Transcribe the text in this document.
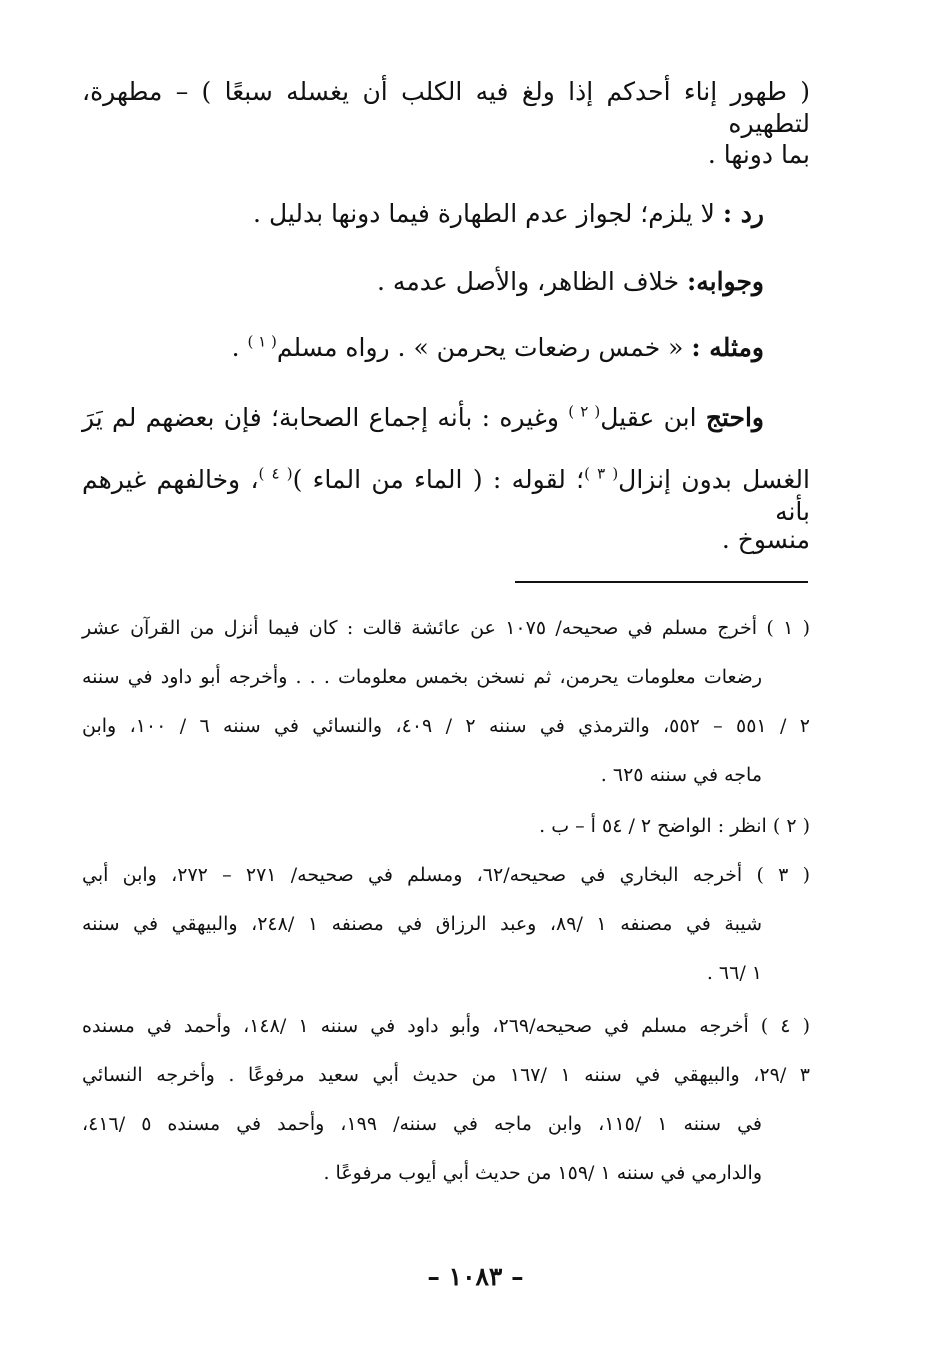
( طهور إناء أحدكم إذا ولغ فيه الكلب أن يغسله سبعًا ) – مطهرة، لتطهيره
بما دونها .
رد : لا يلزم؛ لجواز عدم الطهارة فيما دونها بدليل .
وجوابه: خلاف الظاهر، والأصل عدمه .
ومثله : « خمس رضعات يحرمن » . رواه مسلم$^{( ١ )}$ .
واحتج ابن عقيل$^{( ٢ )}$ وغيره : بأنه إجماع الصحابة؛ فإن بعضهم لم يَرَ
الغسل بدون إنزال$^{( ٣ )}$؛ لقوله : ( الماء من الماء )$^{( ٤ )}$، وخالفهم غيرهم بأنه
منسوخ .
( ١ ) أخرج مسلم في صحيحه/ ١٠٧٥ عن عائشة قالت : كان فيما أنزل من القرآن عشر
رضعات معلومات يحرمن، ثم نسخن بخمس معلومات . . . وأخرجه أبو داود في سننه
٢ / ٥٥١ – ٥٥٢، والترمذي في سننه ٢ / ٤٠٩، والنسائي في سننه ٦ / ١٠٠، وابن
ماجه في سننه ٦٢٥ .
( ٢ ) انظر : الواضح ٢ / ٥٤ أ – ب .
( ٣ ) أخرجه البخاري في صحيحه/٦٢، ومسلم في صحيحه/ ٢٧١ – ٢٧٢، وابن أبي
شيبة في مصنفه ١ /٨٩، وعبد الرزاق في مصنفه ١ /٢٤٨، والبيهقي في سننه
١ /٦٦ .
( ٤ ) أخرجه مسلم في صحيحه/٢٦٩، وأبو داود في سننه ١ /١٤٨، وأحمد في مسنده
٣ /٢٩، والبيهقي في سننه ١ /١٦٧ من حديث أبي سعيد مرفوعًا . وأخرجه النسائي
في سننه ١ /١١٥، وابن ماجه في سننه/ ١٩٩، وأحمد في مسنده ٥ /٤١٦،
والدارمي في سننه ١ /١٥٩ من حديث أبي أيوب مرفوعًا .
– ١٠٨٣ –
